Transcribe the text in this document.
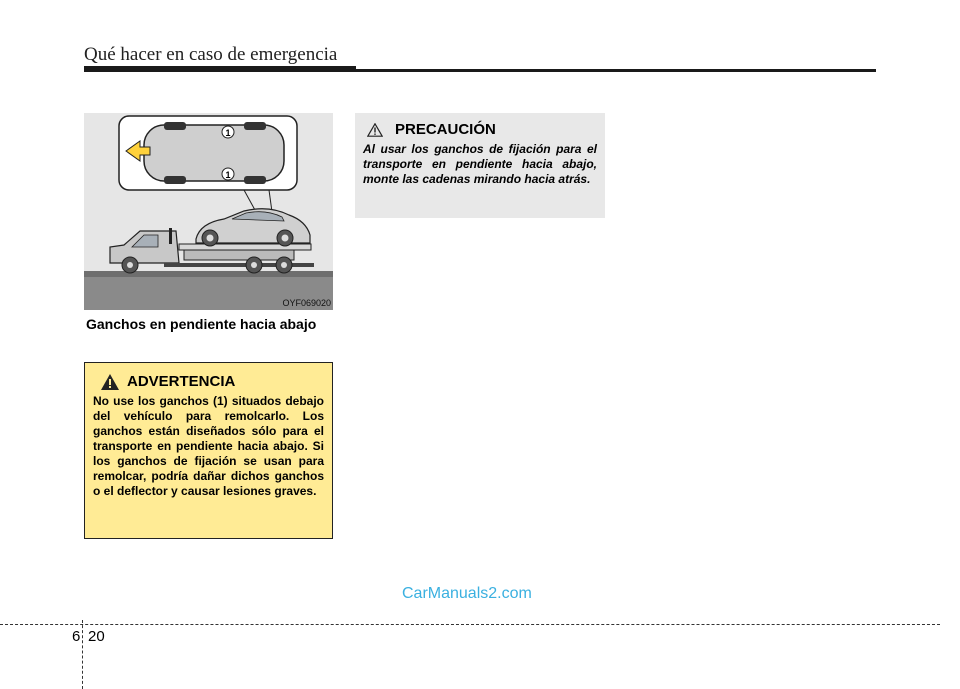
Qué hacer en caso de emergencia
1
1
OYF069020
Ganchos en pendiente hacia abajo
ADVERTENCIA
No use los ganchos (1) situados debajo del vehículo para remolcarlo. Los ganchos están diseñados sólo para el transporte en pendiente hacia abajo. Si los ganchos de fijación se usan para remolcar, podría dañar dichos ganchos o el deflector y causar lesiones graves.
PRECAUCIÓN
Al usar los ganchos de fijación para el transporte en pendiente hacia abajo, monte las cadenas mirando hacia atrás.
CarManuals2.com
6 20
